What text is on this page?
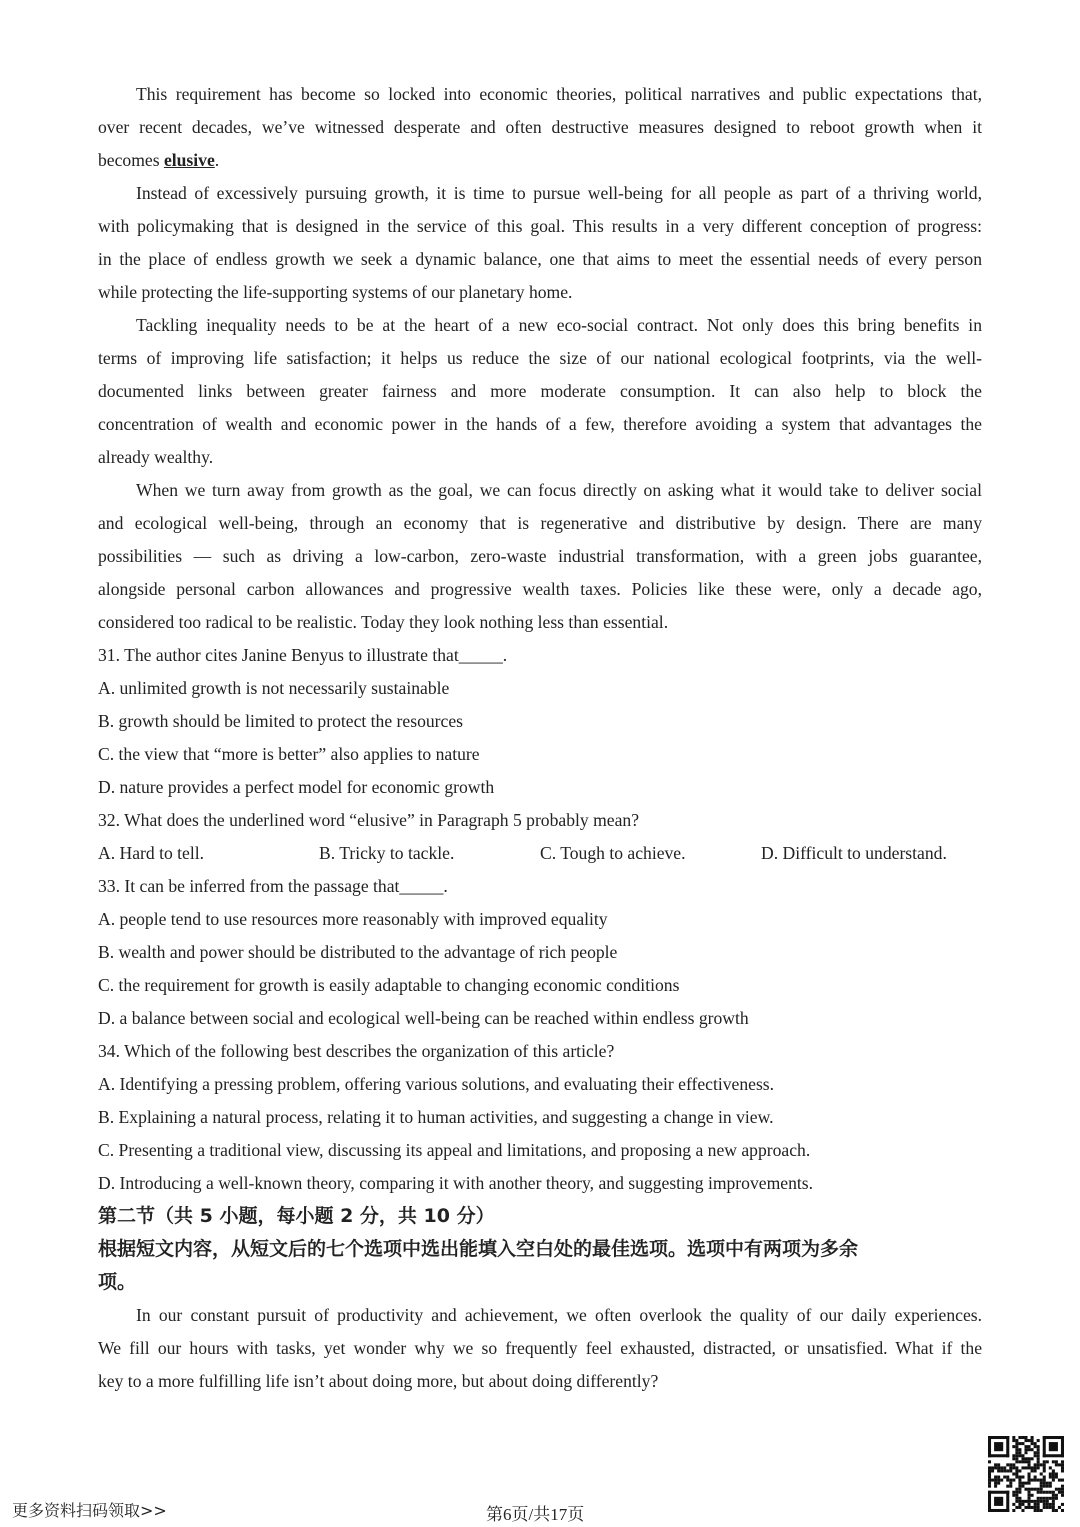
This requirement has become so locked into economic theories, political narratives and public expectations that,
over recent decades, we’ve witnessed desperate and often destructive measures designed to reboot growth when it
becomes elusive.
Instead of excessively pursuing growth, it is time to pursue well-being for all people as part of a thriving world,
with policymaking that is designed in the service of this goal. This results in a very different conception of progress:
in the place of endless growth we seek a dynamic balance, one that aims to meet the essential needs of every person
while protecting the life-supporting systems of our planetary home.
Tackling inequality needs to be at the heart of a new eco-social contract. Not only does this bring benefits in
terms of improving life satisfaction; it helps us reduce the size of our national ecological footprints, via the well-
documented links between greater fairness and more moderate consumption. It can also help to block the
concentration of wealth and economic power in the hands of a few, therefore avoiding a system that advantages the
already wealthy.
When we turn away from growth as the goal, we can focus directly on asking what it would take to deliver social
and ecological well-being, through an economy that is regenerative and distributive by design. There are many
possibilities — such as driving a low-carbon, zero-waste industrial transformation, with a green jobs guarantee,
alongside personal carbon allowances and progressive wealth taxes. Policies like these were, only a decade ago,
considered too radical to be realistic. Today they look nothing less than essential.
31. The author cites Janine Benyus to illustrate that_____.
A. unlimited growth is not necessarily sustainable
B. growth should be limited to protect the resources
C. the view that “more is better” also applies to nature
D. nature provides a perfect model for economic growth
32. What does the underlined word “elusive” in Paragraph 5 probably mean?
A. Hard to tell.	B. Tricky to tackle.	C. Tough to achieve.	D. Difficult to understand.
33. It can be inferred from the passage that_____.
A. people tend to use resources more reasonably with improved equality
B. wealth and power should be distributed to the advantage of rich people
C. the requirement for growth is easily adaptable to changing economic conditions
D. a balance between social and ecological well-being can be reached within endless growth
34. Which of the following best describes the organization of this article?
A. Identifying a pressing problem, offering various solutions, and evaluating their effectiveness.
B. Explaining a natural process, relating it to human activities, and suggesting a change in view.
C. Presenting a traditional view, discussing its appeal and limitations, and proposing a new approach.
D. Introducing a well-known theory, comparing it with another theory, and suggesting improvements.
第二节（共 5 小题，每小题 2 分，共 10 分）
根据短文内容，从短文后的七个选项中选出能填入空白处的最佳选项。选项中有两项为多余
项。
In our constant pursuit of productivity and achievement, we often overlook the quality of our daily experiences.
We fill our hours with tasks, yet wonder why we so frequently feel exhausted, distracted, or unsatisfied. What if the
key to a more fulfilling life isn’t about doing more, but about doing differently?
更多资料扫码领取>>	第6页/共17页
